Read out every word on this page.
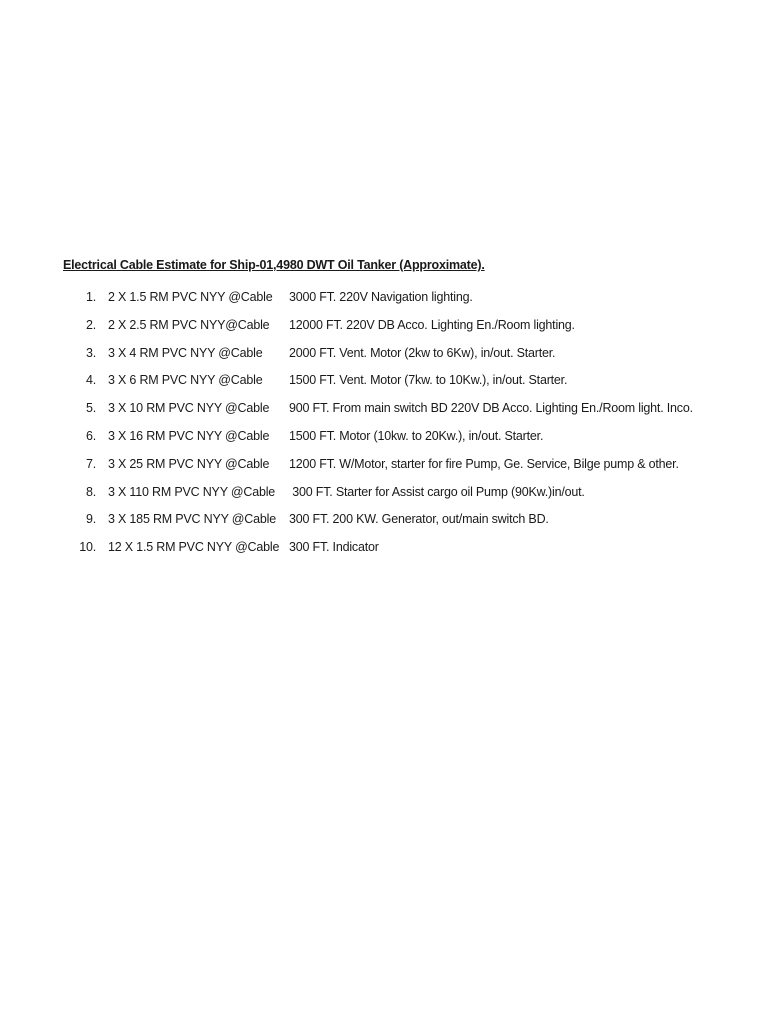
Electrical Cable Estimate for Ship-01,4980 DWT Oil Tanker (Approximate).
1. 2 X 1.5 RM PVC NYY @Cable 3000 FT. 220V Navigation lighting.
2. 2 X 2.5 RM PVC NYY@Cable 12000 FT. 220V DB Acco. Lighting En./Room lighting.
3. 3 X 4 RM PVC NYY @Cable 2000 FT. Vent. Motor (2kw to 6Kw), in/out. Starter.
4. 3 X 6 RM PVC NYY @Cable 1500 FT. Vent. Motor (7kw. to 10Kw.), in/out. Starter.
5. 3 X 10 RM PVC NYY @Cable 900 FT. From main switch BD 220V DB Acco. Lighting En./Room light. Inco.
6. 3 X 16 RM PVC NYY @Cable 1500 FT. Motor (10kw. to 20Kw.), in/out. Starter.
7. 3 X 25 RM PVC NYY @Cable 1200 FT. W/Motor, starter for fire Pump, Ge. Service, Bilge pump & other.
8. 3 X 110 RM PVC NYY @Cable 300 FT. Starter for Assist cargo oil Pump (90Kw.)in/out.
9. 3 X 185 RM PVC NYY @Cable 300 FT. 200 KW. Generator, out/main switch BD.
10. 12 X 1.5 RM PVC NYY @Cable 300 FT. Indicator
